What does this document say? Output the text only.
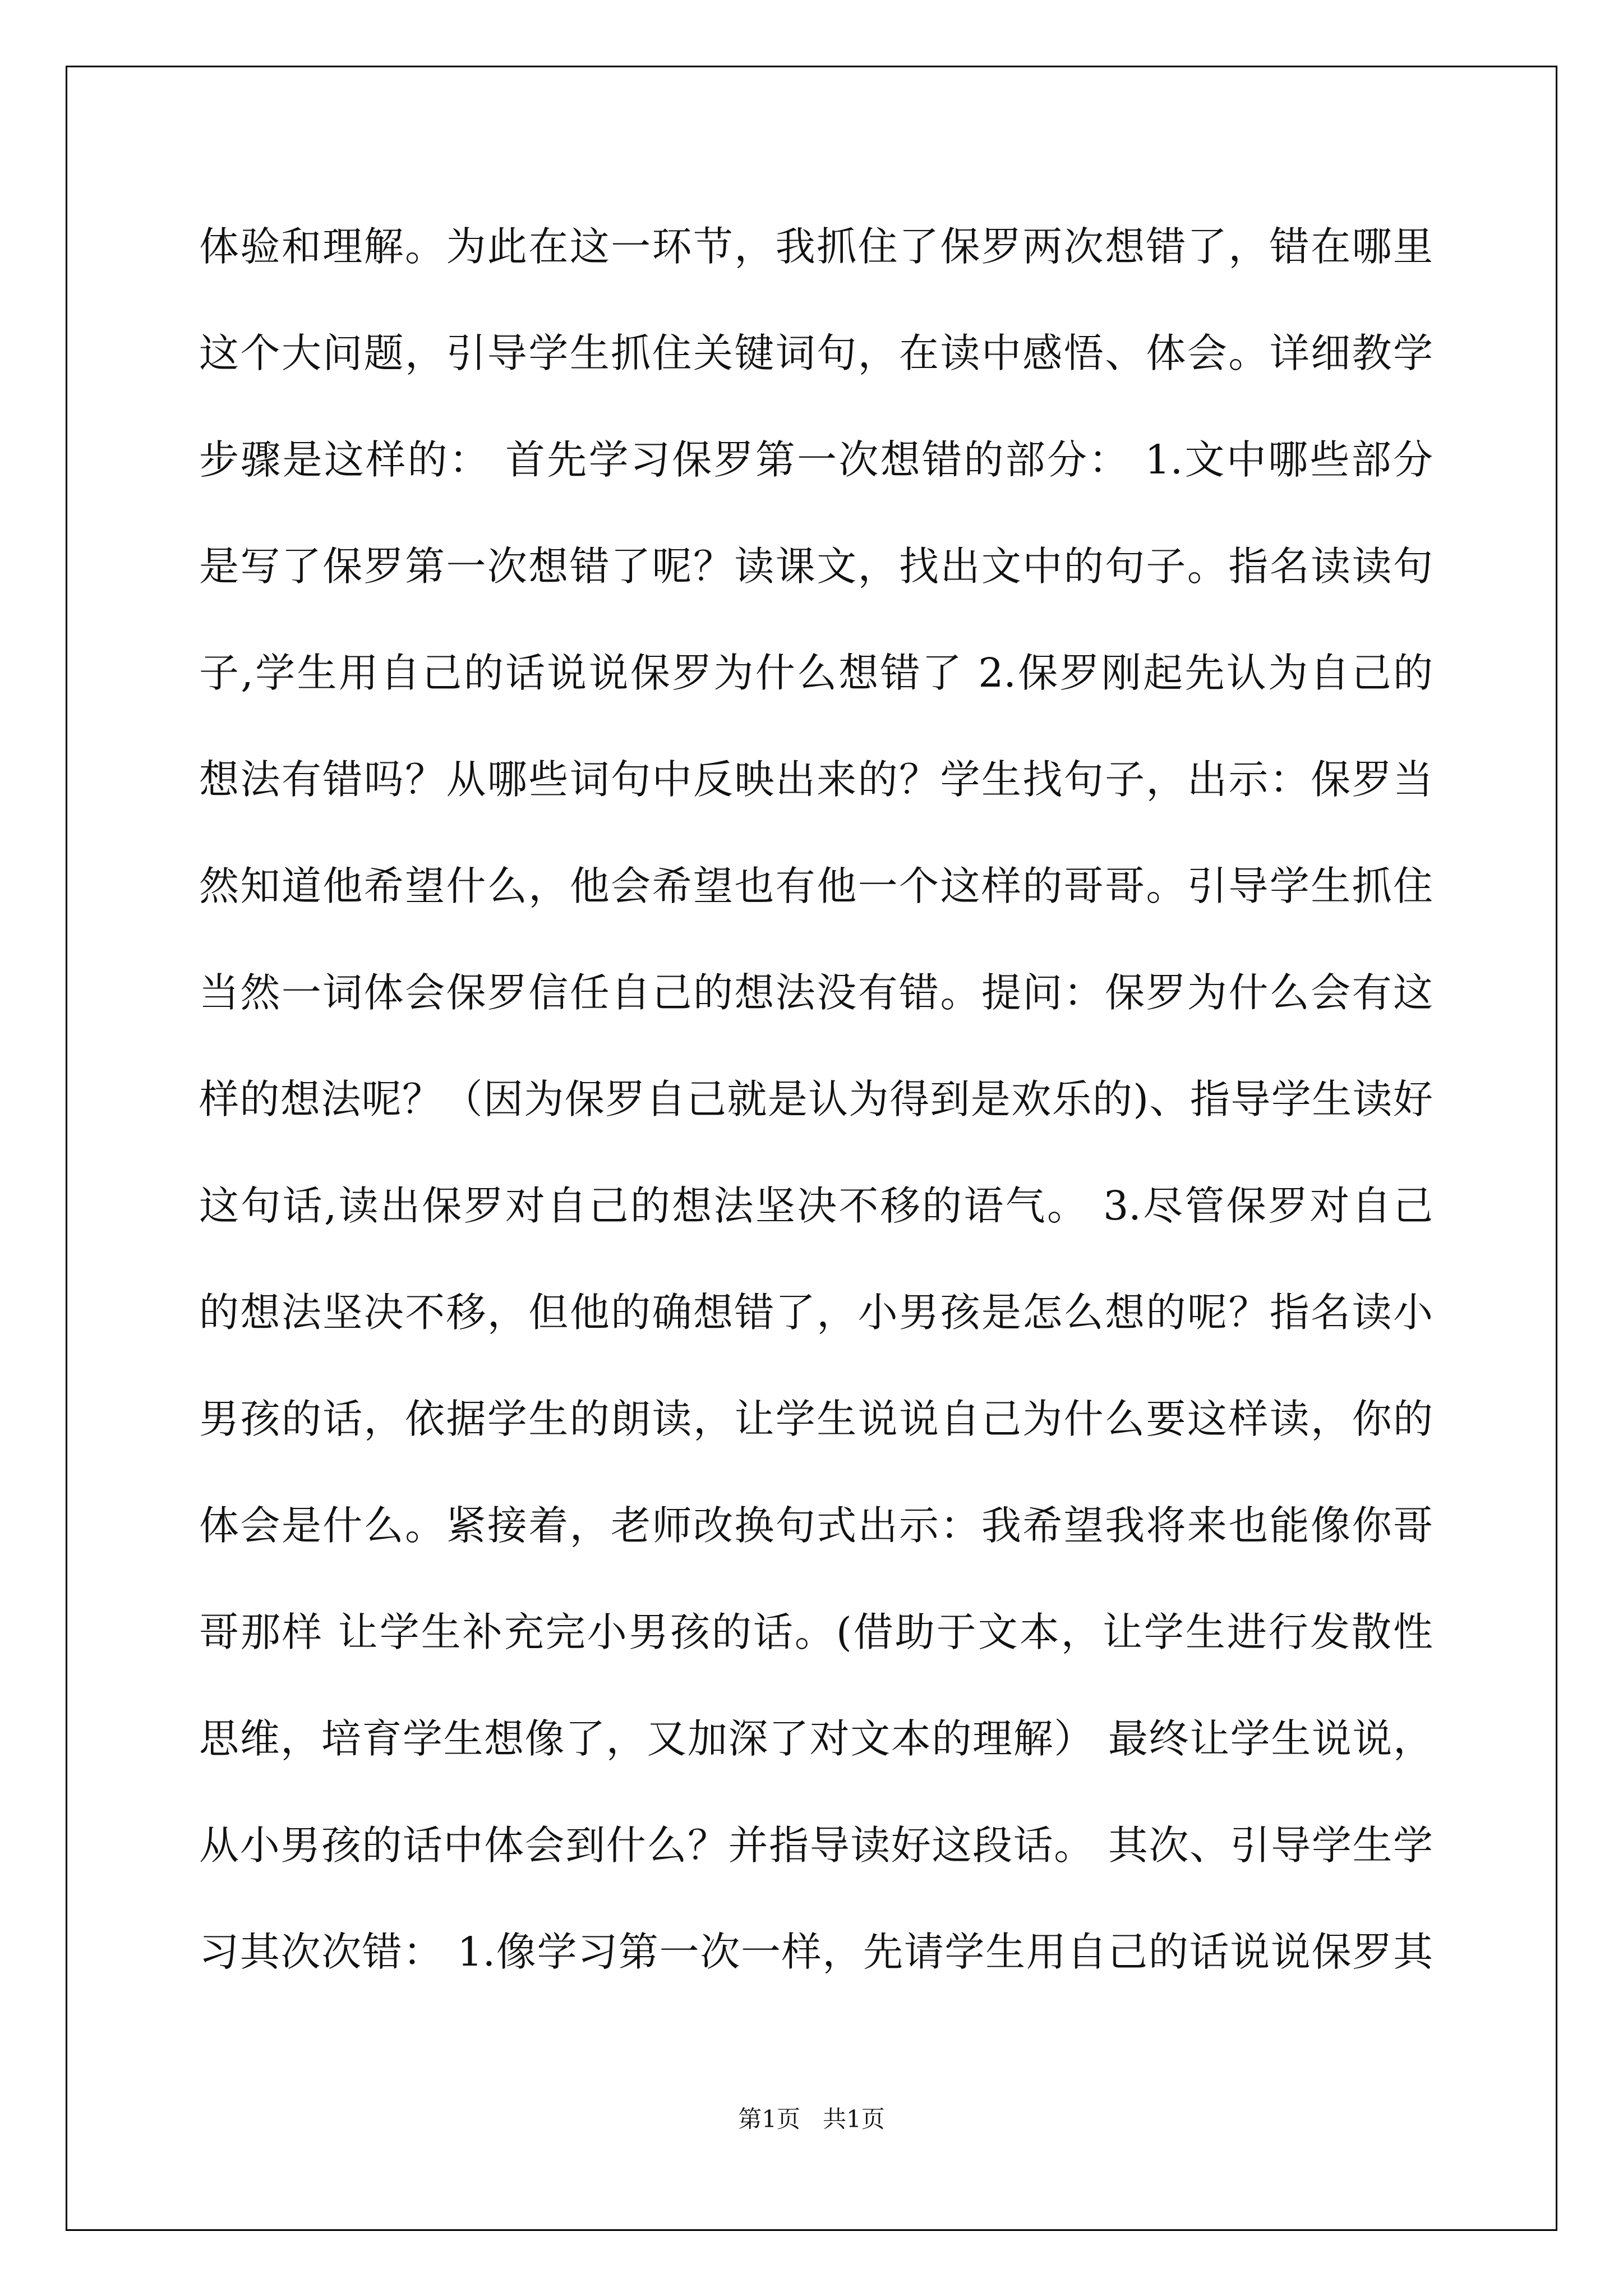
体验和理解。为此在这一环节，我抓住了保罗两次想错了，错在哪里
这个大问题，引导学生抓住关键词句，在读中感悟、体会。详细教学
步骤是这样的： 首先学习保罗第一次想错的部分： 1.文中哪些部分
是写了保罗第一次想错了呢？读课文，找出文中的句子。指名读读句
子,学生用自己的话说说保罗为什么想错了 2.保罗刚起先认为自己的
想法有错吗？从哪些词句中反映出来的？学生找句子，出示：保罗当
然知道他希望什么，他会希望也有他一个这样的哥哥。引导学生抓住
当然一词体会保罗信任自己的想法没有错。提问：保罗为什么会有这
样的想法呢？（因为保罗自己就是认为得到是欢乐的)、指导学生读好
这句话,读出保罗对自己的想法坚决不移的语气。 3.尽管保罗对自己
的想法坚决不移，但他的确想错了，小男孩是怎么想的呢？指名读小
男孩的话，依据学生的朗读，让学生说说自己为什么要这样读，你的
体会是什么。紧接着，老师改换句式出示：我希望我将来也能像你哥
哥那样 让学生补充完小男孩的话。(借助于文本，让学生进行发散性
思维，培育学生想像了，又加深了对文本的理解） 最终让学生说说，
从小男孩的话中体会到什么？并指导读好这段话。 其次、引导学生学
习其次次错： 1.像学习第一次一样，先请学生用自己的话说说保罗其
第1页 共1页
